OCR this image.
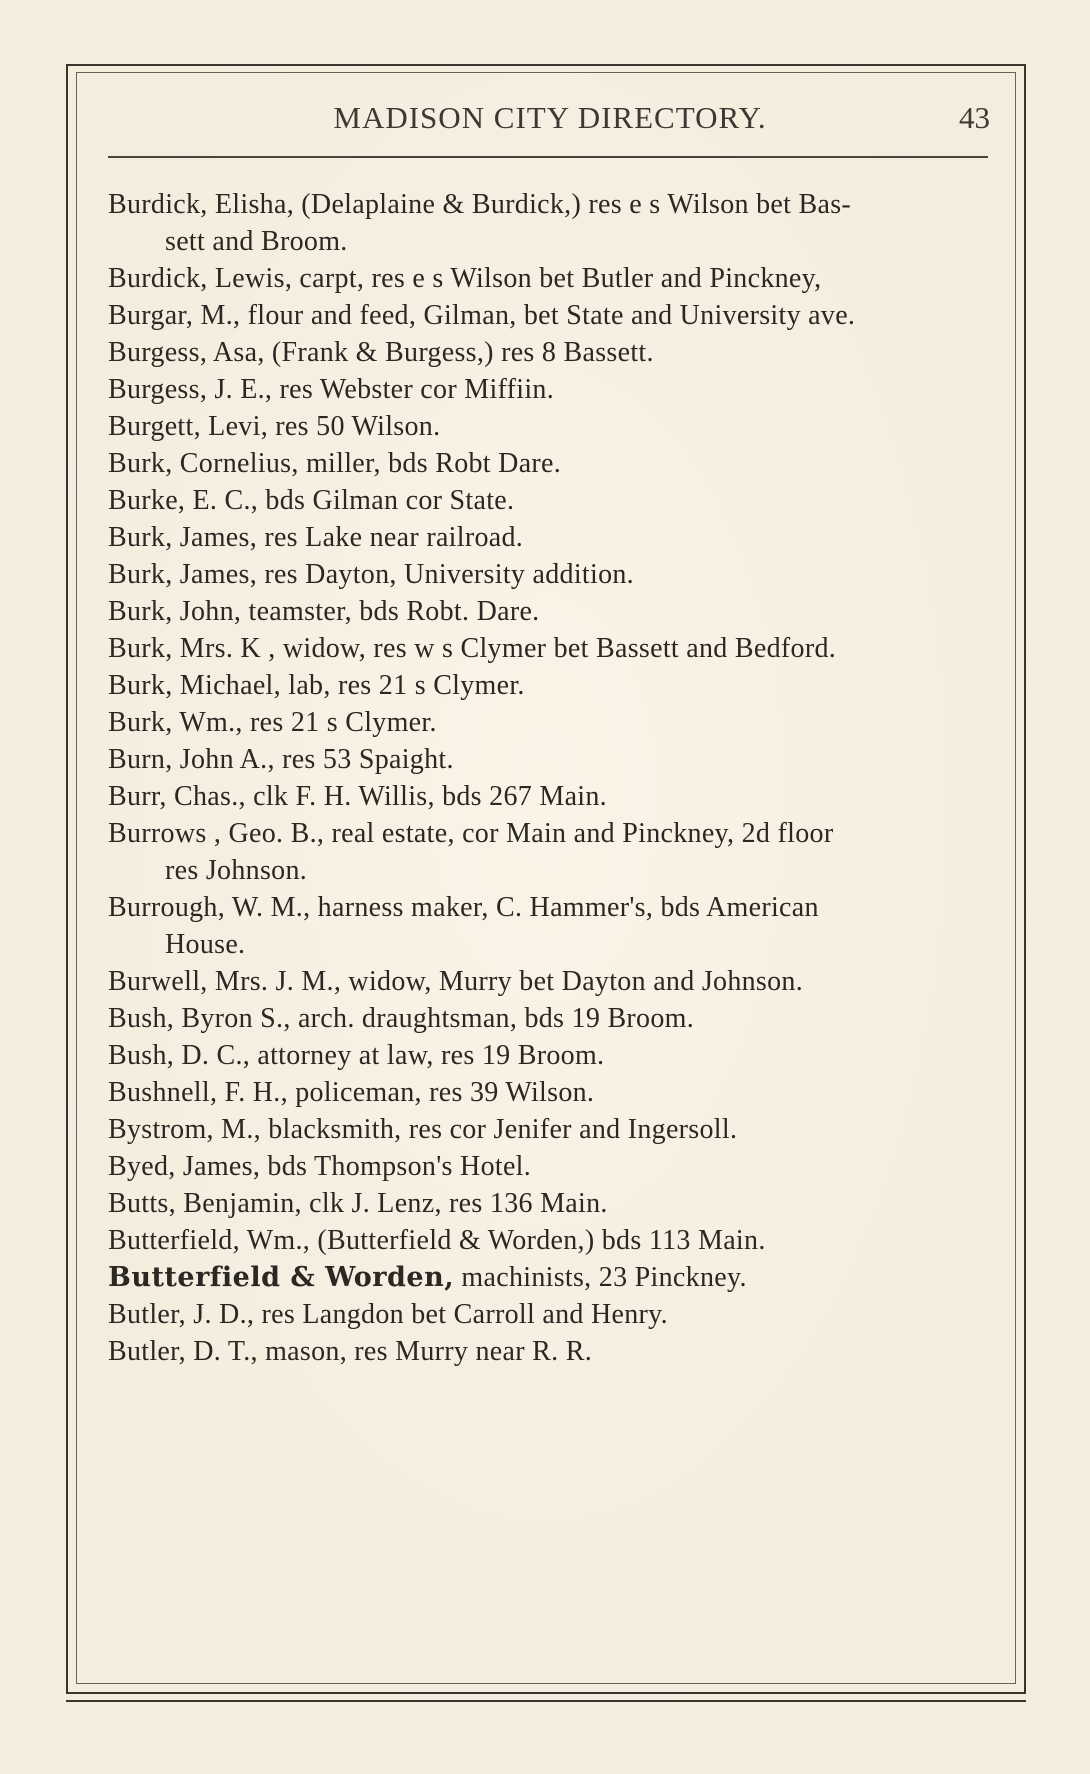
MADISON CITY DIRECTORY.	43
Burdick, Elisha, (Delaplaine & Burdick,) res e s Wilson bet Bas-
sett and Broom.
Burdick, Lewis, carpt, res e s Wilson bet Butler and Pinckney,
Burgar, M., flour and feed, Gilman, bet State and University ave.
Burgess, Asa, (Frank & Burgess,) res 8 Bassett.
Burgess, J. E., res Webster cor Miffiin.
Burgett, Levi, res 50 Wilson.
Burk, Cornelius, miller, bds Robt Dare.
Burke, E. C., bds Gilman cor State.
Burk, James, res Lake near railroad.
Burk, James, res Dayton, University addition.
Burk, John, teamster, bds Robt. Dare.
Burk, Mrs. K , widow, res w s Clymer bet Bassett and Bedford.
Burk, Michael, lab, res 21 s Clymer.
Burk, Wm., res 21 s Clymer.
Burn, John A., res 53 Spaight.
Burr, Chas., clk F. H. Willis, bds 267 Main.
Burrows , Geo. B., real estate, cor Main and Pinckney, 2d floor
res Johnson.
Burrough, W. M., harness maker, C. Hammer's, bds American
House.
Burwell, Mrs. J. M., widow, Murry bet Dayton and Johnson.
Bush, Byron S., arch. draughtsman, bds 19 Broom.
Bush, D. C., attorney at law, res 19 Broom.
Bushnell, F. H., policeman, res 39 Wilson.
Bystrom, M., blacksmith, res cor Jenifer and Ingersoll.
Byed, James, bds Thompson's Hotel.
Butts, Benjamin, clk J. Lenz, res 136 Main.
Butterfield, Wm., (Butterfield & Worden,) bds 113 Main.
Butterfield & Worden, machinists, 23 Pinckney.
Butler, J. D., res Langdon bet Carroll and Henry.
Butler, D. T., mason, res Murry near R. R.
